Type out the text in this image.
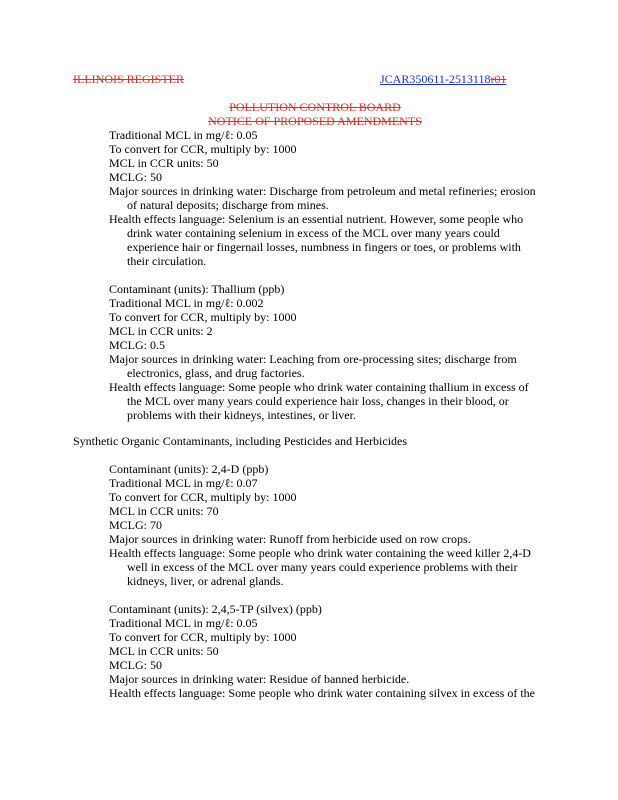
ILLINOIS REGISTER	JCAR350611-2513118r01
POLLUTION CONTROL BOARD
NOTICE OF PROPOSED AMENDMENTS
Traditional MCL in mg/ℓ: 0.05
To convert for CCR, multiply by: 1000
MCL in CCR units: 50
MCLG: 50
Major sources in drinking water: Discharge from petroleum and metal refineries; erosion
of natural deposits; discharge from mines.
Health effects language: Selenium is an essential nutrient. However, some people who
drink water containing selenium in excess of the MCL over many years could
experience hair or fingernail losses, numbness in fingers or toes, or problems with
their circulation.
Contaminant (units): Thallium (ppb)
Traditional MCL in mg/ℓ: 0.002
To convert for CCR, multiply by: 1000
MCL in CCR units: 2
MCLG: 0.5
Major sources in drinking water: Leaching from ore-processing sites; discharge from
electronics, glass, and drug factories.
Health effects language: Some people who drink water containing thallium in excess of
the MCL over many years could experience hair loss, changes in their blood, or
problems with their kidneys, intestines, or liver.
Synthetic Organic Contaminants, including Pesticides and Herbicides
Contaminant (units): 2,4-D (ppb)
Traditional MCL in mg/ℓ: 0.07
To convert for CCR, multiply by: 1000
MCL in CCR units: 70
MCLG: 70
Major sources in drinking water: Runoff from herbicide used on row crops.
Health effects language: Some people who drink water containing the weed killer 2,4-D
well in excess of the MCL over many years could experience problems with their
kidneys, liver, or adrenal glands.
Contaminant (units): 2,4,5-TP (silvex) (ppb)
Traditional MCL in mg/ℓ: 0.05
To convert for CCR, multiply by: 1000
MCL in CCR units: 50
MCLG: 50
Major sources in drinking water: Residue of banned herbicide.
Health effects language: Some people who drink water containing silvex in excess of the
